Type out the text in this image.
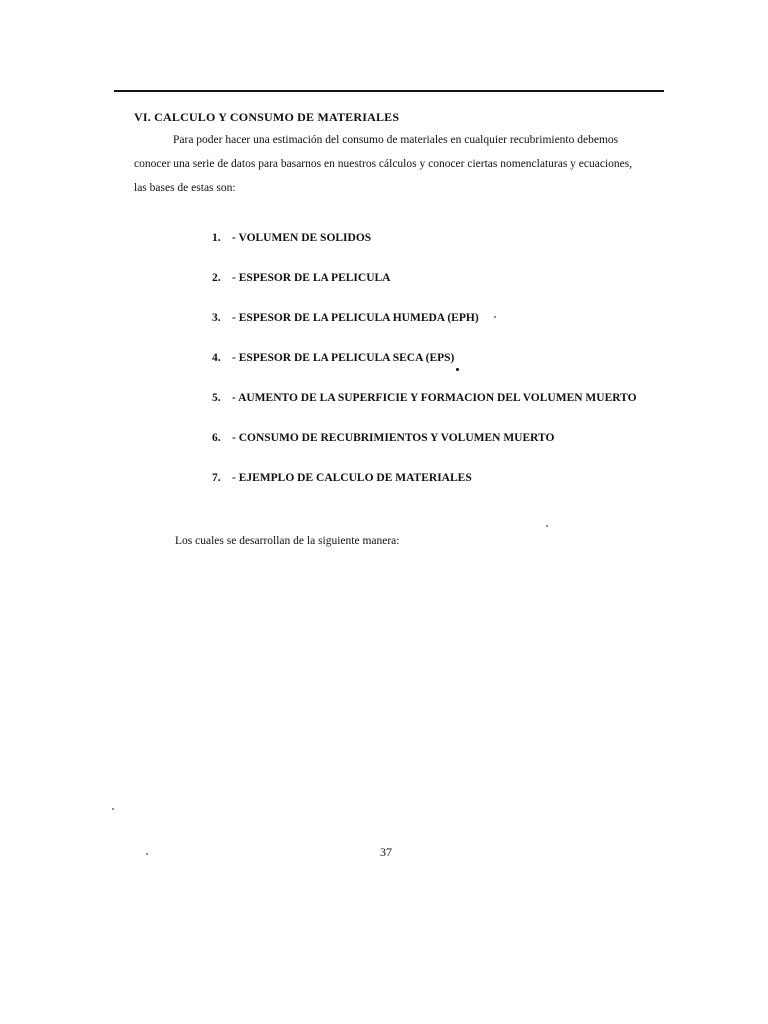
VI. CALCULO Y CONSUMO DE MATERIALES
Para poder hacer una estimación del consumo de materiales en cualquier recubrimiento debemos
conocer una serie de datos para basarnos en nuestros cálculos y conocer ciertas nomenclaturas y ecuaciones,
las bases de estas son:
1. - VOLUMEN DE SOLIDOS
2. - ESPESOR DE LA PELICULA
3. - ESPESOR DE LA PELICULA HUMEDA (EPH)
4. - ESPESOR DE LA PELICULA SECA (EPS)
5. - AUMENTO DE LA SUPERFICIE Y FORMACION DEL VOLUMEN MUERTO
6. - CONSUMO DE RECUBRIMIENTOS Y VOLUMEN MUERTO
7. - EJEMPLO DE CALCULO DE MATERIALES
Los cuales se desarrollan de la siguiente manera:
37
